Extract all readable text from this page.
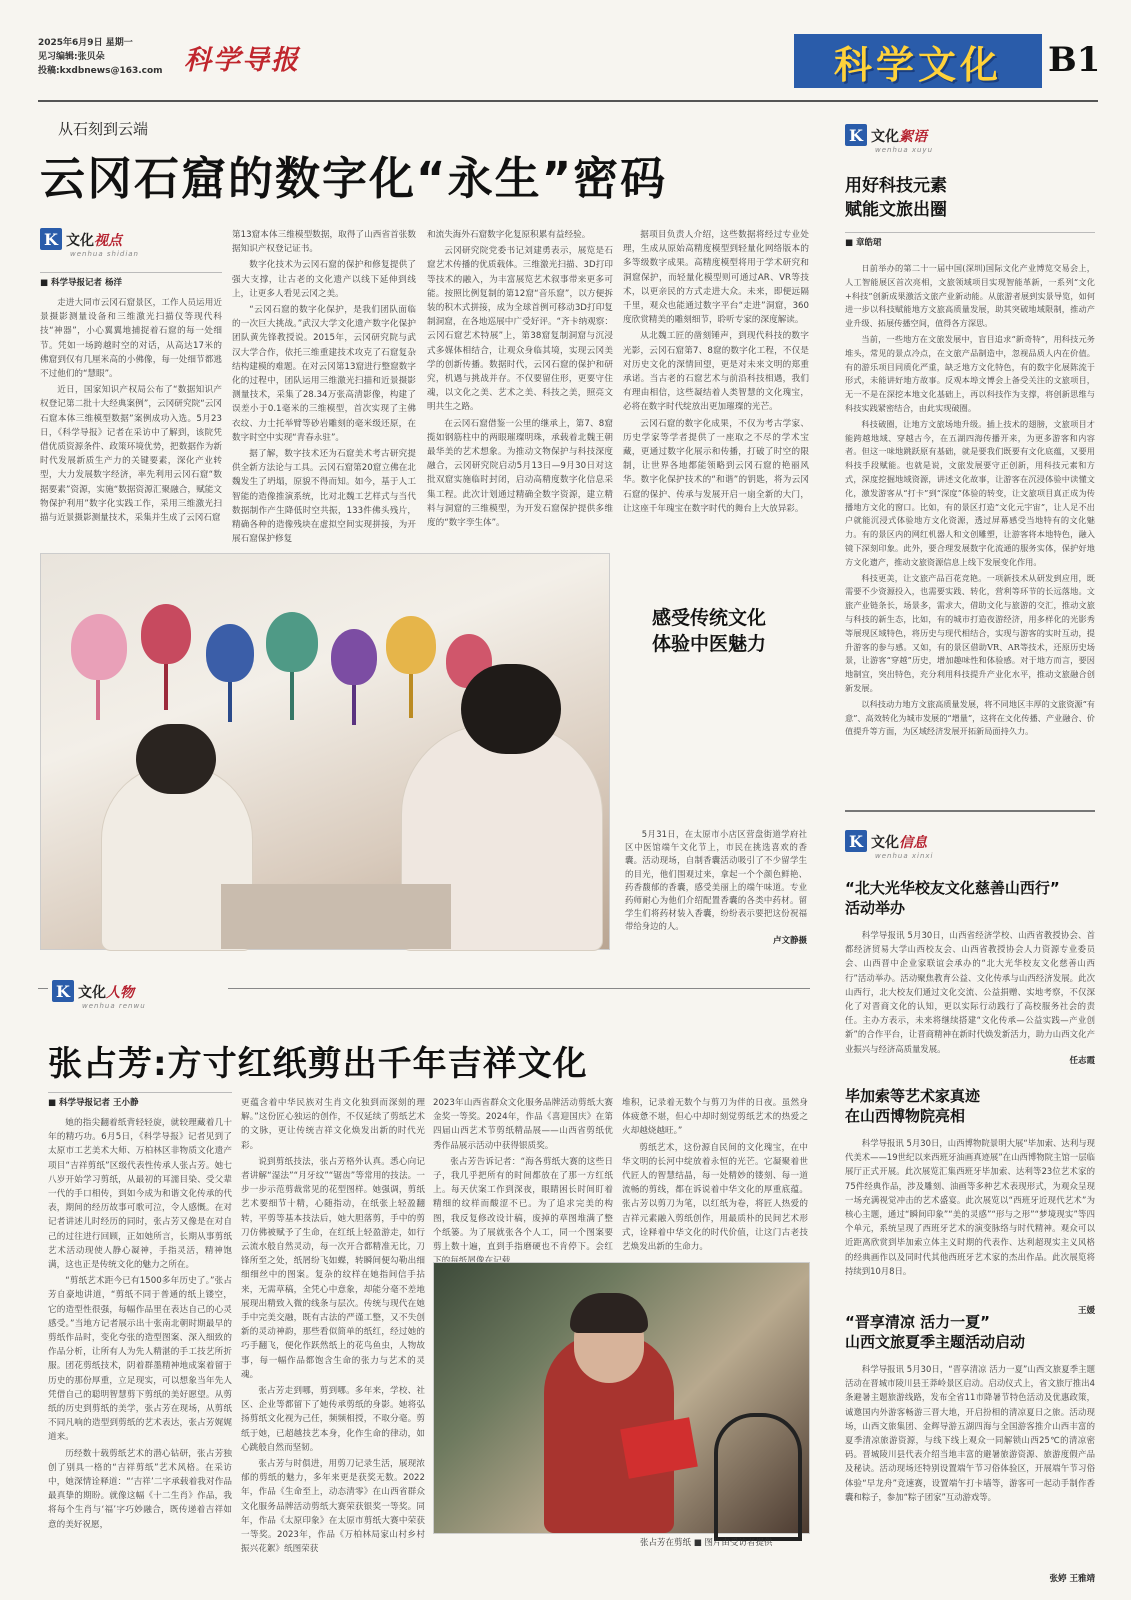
2025年6月9日 星期一
见习编辑:张贝朵
投稿:kxdbnews@163.com 科学导报	科学文化 B1
从石刻到云端
云冈石窟的数字化“永生”密码
K 文化 视点
wenhua shidian
■ 科学导报记者 杨洋

走进大同市云冈石窟景区，工作人员运用近景摄影测量设备和三维激光扫描仪等现代科技“神器”，小心翼翼地捕捉着石窟的每一处细节。凭如一场跨越时空的对话，从高达17米的佛窟到仅有几厘米高的小佛像，每一处细节都逃不过他们的“慧眼”。

近日，国家知识产权局公布了“数据知识产权登记第二批十大经典案例”，云冈研究院“云冈石窟本体三维模型数据”案例成功入选。5月23日，《科学导报》记者在采访中了解到，该院凭借优质资源条件、政策环境优势，把数据作为新时代发展新质生产力的关键要素，深化产业转型，大力发展数字经济，率先利用云冈石窟“数据要素”资源，实施“数据资源汇聚融合，赋能文物保护利用”数字化实践工作，采用三维激光扫描与近景摄影测量技术，采集并生成了云冈石窟

第13窟本体三维模型数据，取得了山西省首张数据知识产权登记证书。

数字化技术为云冈石窟的保护和修复提供了强大支撑，让古老的文化遗产以线下延伸到线上，让更多人看见云冈之美。

“云冈石窟的数字化保护，是我们团队面临的一次巨大挑战。”武汉大学文化遗产数字化保护团队黄先锋教授说。2015年，云冈研究院与武汉大学合作，依托三维重建技术攻克了石窟复杂结构建模的难题。在对云冈第13窟进行整窟数字化的过程中，团队运用三维激光扫描和近景摄影测量技术，采集了28.34万张高清影像，构建了误差小于0.1毫米的三维模型，首次实现了主佛衣纹、力士托举臂等砂岩雕刻的毫米级还原，在数字时空中实现“青春永驻”。

据了解，数字技术还为石窟美术考古研究提供全新方法论与工具。云冈石窟第20窟立佛在北魏发生了坍塌，原貌不得而知。如今，基于人工智能的造像推演系统，比对北魏工艺样式与当代数据制作产生降低时空共振，133件佛头残片，精确各种的造像残块在虚拟空间实现拼接，为开展石窟保护修复

和流失海外石窟数字化复原积累有益经验。

云冈研究院党委书记刘建勇表示，展览是石窟艺术传播的优质载体。三维激光扫描、3D打印等技术的融入，为丰富展览艺术叙事带来更多可能。按照比例复制的第12窟“音乐窟”，以方便拆装的积木式拼接，成为全球首例可移动3D打印复制洞窟，在各地巡展中广受好评。“齐卡纳观察：云冈石窟艺术特展”上，第38窟复制洞窟与沉浸式多媒体相结合，让观众身临其境，实现云冈美学的创新传播。数据时代，云冈石窟的保护和研究，机遇与挑战并存。不仅要留住形，更要守住魂，以文化之美、艺术之美、科技之美，照亮文明共生之路。

在云冈石窟借鉴一公里的继承上，第7、8窟揽如钢筋柱中的两眼璀璨明珠，承载着北魏王朝最华美的艺术想象。为推动文物保护与科技深度融合，云冈研究院启动5月13日—9月30日对这批双窟实施临时封闭，启动高精度数字化信息采集工程。此次计划通过精确全数字资源，建立精料与洞窟的三维模型，为开发石窟保护提供多维度的“数字孪生体”。

据项目负责人介绍，这些数据将经过专业处理，生成从原始高精度模型到轻量化网络版本的多等级数字成果。高精度模型将用于学术研究和洞窟保护，而轻量化模型则可通过AR、VR等技术，以更亲民的方式走进大众。未来，即便远隔千里，观众也能通过数字平台“走进”洞窟，360度欣赏精美的雕刻细节，聆听专家的深度解读。

从北魏工匠的凿刻锤声，到现代科技的数字光影，云冈石窟第7、8窟的数字化工程，不仅是对历史文化的深情回望，更是对未来文明的郑重承诺。当古老的石窟艺术与前沿科技相遇，我们有理由相信，这些凝结着人类智慧的文化瑰宝，必将在数字时代绽放出更加璀璨的光芒。

云冈石窟的数字化成果，不仅为考古学家、历史学家等学者提供了一座取之不尽的学术宝藏，更通过数字化展示和传播，打破了时空的限制，让世界各地都能领略到云冈石窟的艳丽风华。数字化保护技术的“和谐”的钥匙，将为云冈石窟的保护、传承与发展开启一扇全新的大门，让这座千年瑰宝在数字时代的舞台上大放异彩。

感受传统文化
体验中医魅力
5月31日，在太原市小店区营盘街道学府社区中医馆端午文化节上，市民在挑选喜欢的香囊。活动现场，自制香囊活动吸引了不少留学生的目光，他们围观过来，拿起一个个颜色鲜艳、药香馥郁的香囊，感受美丽上的端午味道。专业药师耐心为他们介绍配置香囊的各类中药材。留学生们将药材装入香囊，纷纷表示要把这份祝福带给身边的人。
卢文静摄
K 文化 人物
wenhua renwu
张占芳:方寸红纸剪出千年吉祥文化
■ 科学导报记者 王小静

她的指尖翻着纸背轻轻旋，就较理藏着几十年的精巧功。6月5日，《科学导报》记者见到了太原市工艺美术大师、万柏林区非物质文化遗产项目“吉祥剪纸”区级代表性传承人张占芳。她七八岁开始学习剪纸，从最初的耳濡目染、受父辈一代的手口相传，到如今成为和谐文化传承的代表，期间的经历故事可歌可泣，令人感慨。在对记者讲述儿时经历的同时，张占芳又像是在对自己的过往进行回顾，正如她所言，长期从事剪纸艺术活动现使人静心凝神，手指灵活，精神饱满，这也正是传统文化的魅力之所在。

“剪纸艺术距今已有1500多年历史了。”张占芳自豪地讲道，“剪纸不同于普通的纸上镂空，它的造型性很强，每幅作品里在表达自己的心灵感受。”当地方记者展示出十张南北朝时期最早的剪纸作品时，变化夸张的造型图案、深入细致的作品分析，让所有人为先人精湛的手工技艺所折服。团花剪纸技术，阴着群墨精神地成案着留于历史的那份厚重，立足现实，可以想象当年先人凭借自己的聪明智慧剪下剪纸的美好愿望。从剪纸的历史到剪纸的美学，张占芳在现场，从剪纸不同凡响的造型到剪纸的艺术表达，张占芳娓娓道来。

历经数十载剪纸艺术的潜心钻研，张占芳独创了别具一格的“吉祥剪纸”艺术风格。在采访中，她深情诠释道：“‘吉祥’二字承载着我对作品最真挚的期盼。就像这幅《十二生肖》作品，我将每个生肖与‘福’字巧妙融合，既传递着吉祥如意的美好祝愿，

更蕴含着中华民族对生肖文化独到而深刻的理解。”这份匠心独运的创作，不仅延续了剪纸艺术的文脉，更让传统吉祥文化焕发出新的时代光彩。

说到剪纸技法，张占芳格外认真。悉心向记者讲解“湿法”“月牙纹”“锯齿”等常用的技法。一步一步示范剪裁常见的花型图样。她强调，剪纸艺术要细节十精，心随指动，在纸张上轻盈翻转，平剪等基本技法后，她大胆落剪，手中的剪刀仿佛被赋予了生命，在红纸上轻盈游走，如行云流水般自然灵动，每一次开合都精准无比，刀锋所至之处，纸屑纷飞如蝶，转瞬间便勾勒出细细细丝中的图案。复杂的纹样在她指间信手拈来，无需草稿，全凭心中意象，却能分毫不差地展现出精致入微的线条与层次。传统与现代在她手中完美交融，既有古法的严谨工整，又不失创新的灵动神韵，那些看似简单的纸红，经过她的巧手翻飞，便化作跃然纸上的花鸟鱼虫，人物故事，每一幅作品都饱含生命的张力与艺术的灵魂。

张占芳走到哪，剪到哪。多年来，学校、社区、企业等都留下了她传承剪纸的身影。她将弘扬剪纸文化视为己任，频频相授，不取分毫。剪纸于她，已超越技艺本身，化作生命的律动，如心跳般自然而坚韧。

张占芳与时俱进，用剪刀记录生活，展现浓郁的剪纸的魅力，多年来更是获奖无数。2022年，作品《生命至上，动态清零》在山西省群众文化服务品牌活动剪纸大赛荣获银奖一等奖。同年，作品《太原印象》在太原市剪纸大赛中荣获一等奖。2023年，作品《万柏林局家山村乡村振兴花絮》纸图荣获

2023年山西省群众文化服务品牌活动剪纸大赛金奖一等奖。2024年，作品《喜迎国庆》在第四届山西艺术节剪纸精品展——山西省剪纸优秀作品展示活动中获得银质奖。

张占芳告诉记者：“海各剪纸大赛的这些日子，我几乎把所有的时间都放在了那一方红纸上。每天伏案工作到深夜，眼睛困长时间盯着精细的纹样而酸涩不已。为了追求完美的构图，我反复修改设计稿，废掉的草图堆满了整个纸篓。为了展就张各个人工，同一个图案要剪上数十遍，直到手指磨硬也不肯停下。会红

堆积，记录着无数个与剪刀为伴的日夜。虽然身体疲惫不堪，但心中却时刻觉剪纸艺术的热爱之火却越烧越旺。”

剪纸艺术，这份源自民间的文化瑰宝，在中华文明的长河中绽放着永恒的光芒。它凝聚着世代匠人的智慧结晶，每一处精妙的镂刻、每一道流畅的剪线，都在诉说着中华文化的厚重底蕴。张占芳以剪刀为笔，以红纸为卷，将匠人热爱的吉祥元素融入剪纸创作，用最质朴的民间艺术形式，诠释着中华文化的时代价值，让这门古老技艺焕发出新的生命力。

张占芳在剪纸 ■ 图片由受访者提供
K 文化 絮语
wenhua xuyu
用好科技元素
赋能文旅出圈
■ 章皓珺

日前举办的第二十一届中国(深圳)国际文化产业博览交易会上，人工智能展区首次亮相，文旅领域项目实现智能革新，一系列“文化+科技”创新成果激活文旅产业新动能。从旅游者展到实景导览，如何进一步以科技赋能地方文旅高质量发展，助其突破地域限制，推动产业升级、拓展传播空间，值得各方深思。

当前，一些地方在文旅发展中，盲目追求“新奇特”，用科技元务堆头，常见的景点冷点，在文旅产品制造中，忽视品质人内在价值。有的游乐项目同质化严重，缺乏地方文化特色，有的数字化展陈流于形式，未能讲好地方故事。反观本埠文博会上备受关注的文旅项目，无一不是在深挖本地文化基础上，再以科技作为支撑，将创新思维与科技实践紧密结合，由此实现破圈。

科技破圈，让地方文旅场地升级。插上技术的翅膀，文旅项目才能跨越地域、穿越古今，在五湖四海传播开来，为更多游客和内容者。但这一味地跳跃原有基础，就是要我们既要有文化底蕴，又要用科技手段赋能。也就是说，文旅发展要守正创新，用科技元素和方式，深度挖掘地域资源，讲述文化故事，让游客在沉浸体验中读懂文化，激发游客从“打卡”到“深度”体验的转变，让文旅项目真正成为传播地方文化的窗口。比如，有的景区打造“文化元宇宙”，让人足不出户就能沉浸式体验地方文化资源，透过屏幕感受当地特有的文化魅力。有的景区内的网红机器人和文创雕塑，让游客将本地特色，融入镜下深刻印象。此外，要合理发展数字化流通的服务实体，保护好地方文化遗产，推动文旅资源信息上线下发展变化作用。

科技更美，让文旅产品百花竞艳。一项新技术从研发到应用，既需要不少资源投入，也需要实践、转化，营利等环节的长远落地。文旅产业链条长，场景多，需求大，借助文化与旅游的交汇，推动文旅与科技的新生态，比如，有的城市打造夜游经济，用多样化的光影秀等展现区域特色，将历史与现代相结合，实现与游客的实时互动，提升游客的参与感。又如，有的景区借助VR、AR等技术，还原历史场景，让游客“穿越”历史，增加趣味性和体验感。对于地方而言，要因地制宜，突出特色，充分利用科技提升产业化水平，推动文旅融合创新发展。

以科技动力地方文旅高质量发展，将不同地区丰厚的文旅资源“有意”、高效转化为城市发展的“增量”，这将在文化传播、产业融合、价值提升等方面，为区域经济发展开拓新局面持久力。

K 文化 信息
wenhua xinxi
“北大光华校友文化慈善山西行”
活动举办
科学导报讯 5月30日，山西省经济学校、山西省教授协会、首都经济贸易大学山西校友会、山西省教授协会人力资源专业委员会、山西晋中企业家联谊会承办的“北大光华校友文化慈善山西行”活动举办。活动聚焦教育公益、文化传承与山西经济发展。此次山西行，北大校友们通过文化交流、公益捐赠、实地考察，不仅深化了对晋商文化的认知，更以实际行动践行了高校服务社会的责任。主办方表示，未来将继续搭建“文化传承—公益实践—产业创新”的合作平台，让晋商精神在新时代焕发新活力，助力山西文化产业振兴与经济高质量发展。
任志霞
毕加索等艺术家真迹
在山西博物院亮相
科学导报讯 5月30日，山西博物院景明大展“毕加索、达利与现代美术——19世纪以来西班牙油画真迹展”在山西博物院主馆一层临展厅正式开展。此次展览汇集西班牙毕加索、达利等23位艺术家的75件经典作品，涉及雕刻、油画等多种艺术表现形式，为观众呈现一场充满视觉冲击的艺术盛宴。此次展览以“西班牙近现代艺术”为核心主题，通过“瞬间印象”“美的灵感”“形与之形”“梦境现实”等四个单元，系统呈现了西班牙艺术的演变脉络与时代精神。观众可以近距离欣赏到毕加索立体主义时期的代表作、达利超现实主义风格的经典画作以及同时代其他西班牙艺术家的杰出作品。此次展览将持续到10月8日。
王媛
“晋享清凉 活力一夏”
山西文旅夏季主题活动启动
科学导报讯 5月30日，“晋享清凉 活力一夏”山西文旅夏季主题活动在晋城市陵川县王莽岭景区启动。启动仪式上，省文旅厅推出4条避暑主题旅游线路，发布全省11市降暑节特色活动及优惠政策，诚邀国内外游客畅游三晋大地，开启扮相的清凉夏日之旅。活动现场，山西文旅集团、金辉导游五湖四海与全国游客推介山西丰富的夏季清凉旅游资源，与线下线上观众一同解锁山西25℃的清凉密码。晋城陵川县代表介绍当地丰富的避暑旅游资源、旅游度假产品及秘诀。活动现场还特别设置端午节习俗体验区，开展端午节习俗体验“早龙舟”竞速赛，设置端午打卡墙等，游客可一起动手制作香囊和粽子，参加“粽子团家”互动游戏等。
张婷 王雅靖
